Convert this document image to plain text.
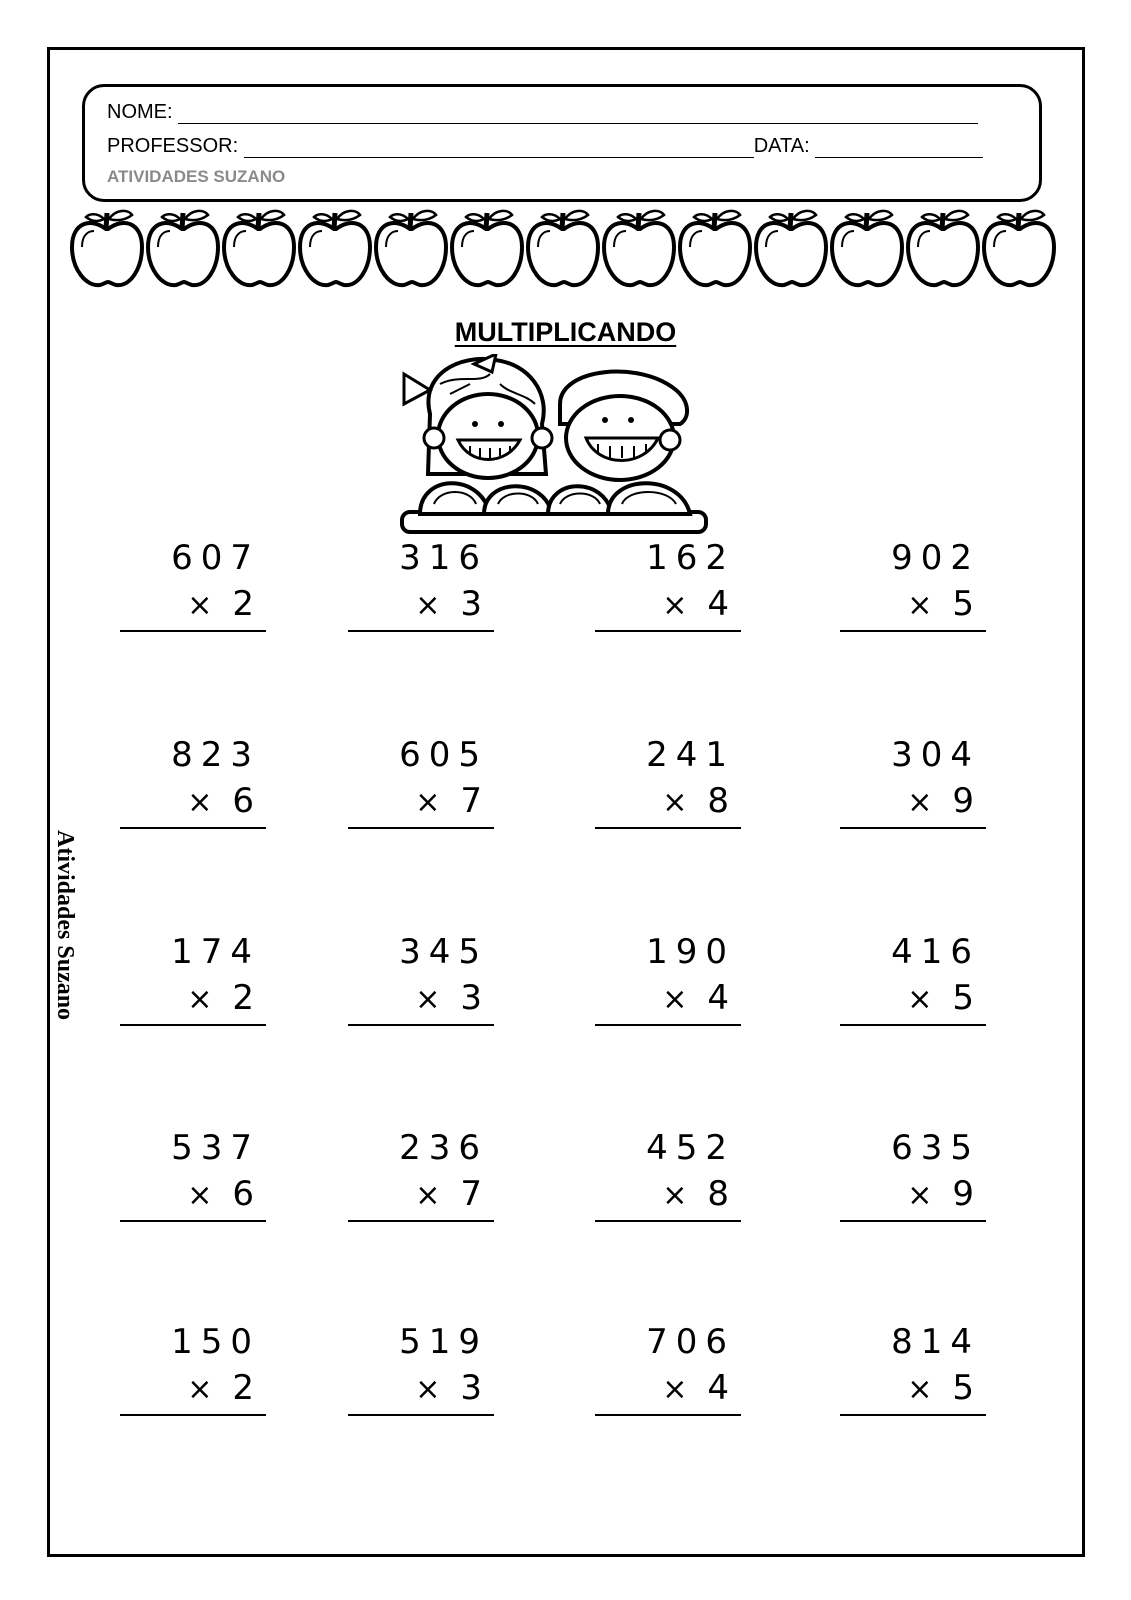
NOME:
PROFESSOR:	DATA:
ATIVIDADES SUZANO
MULTIPLICANDO
Atividades Suzano
607
× 2
316
× 3
162
× 4
902
× 5
823
× 6
605
× 7
241
× 8
304
× 9
174
× 2
345
× 3
190
× 4
416
× 5
537
× 6
236
× 7
452
× 8
635
× 9
150
× 2
519
× 3
706
× 4
814
× 5
